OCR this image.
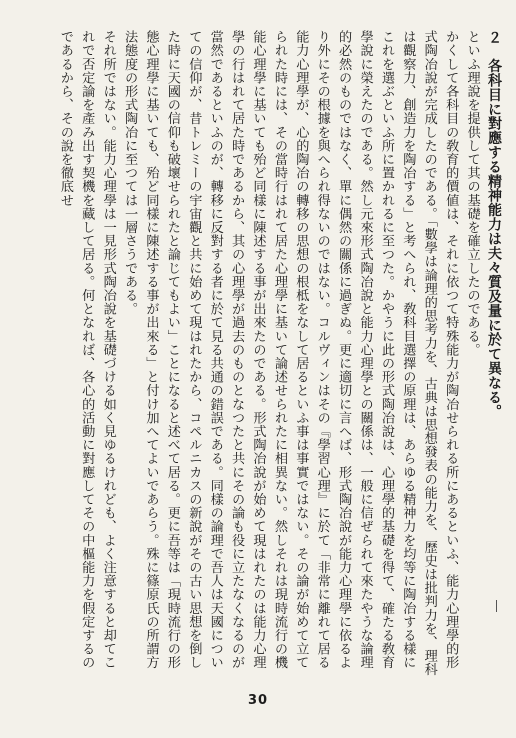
２　各科目に對應する精神能力は夫々質及量に於て異なる。

といふ理說を提供して其の基礎を確立したのである。

かくして各科目の敎育的價値は、それに依つて特殊能力が陶冶せられる所にあるといふ、能力心理學的形式陶冶說が完成したのである。「數學は論理的思考力を、古典は思想發表の能力を、歷史は批判力を、理科は觀察力、創造力を陶冶する」と考へられ、敎科目選擇の原理は、あらゆる精神力を均等に陶冶する樣にこれを選ぶといふ所に置かれるに至つた。かやうに此の形式陶冶說は、心理學的基礎を得て、確たる敎育學說に榮えたのである。然し元來形式陶冶說と能力心理學との關係は、一般に信ぜられて來たやうな論理的必然のものではなく、單に偶然の關係に過ぎぬ。更に適切に言へば、形式陶冶說が能力心理學に依るより外にその根據を與へられ得ないのではない。コルヴィンはその『學習心理』に於て「非常に離れて居る能力心理學が、心的陶冶の轉移の思想の根柢をなして居るといふ事は事實ではない。その論が始めて立てられた時には、その當時行はれて居た心理學に基いて論述せられたに相異ない。然しそれは現時流行の機能心理學に基いても殆ど同樣に陳述する事が出來たのである。形式陶冶說が始めて現はれたのは能力心理學の行はれて居た時であるから、其の心理學が過去のものとなつたと共にその論も役に立たなくなるのが當然であるといふのが、轉移に反對する者に於て見る共通の錯誤である。同樣の論理で吾人は天國についての信仰が、昔トレミーの宇宙觀と共に始めて現はれたから、コペルニカスの新說がその古い思想を倒した時に天國の信仰も破壞せられたと論じてもよい」ことになると述べて居る。更に吾等は「現時流行の形態心理學に基いても、殆ど同樣に陳述する事が出來る」と付け加へてよいであらう。殊に篠原氏の所謂方法態度の形式陶冶に至つては一層さうである。

それ所ではない。能力心理學は一見形式陶冶說を基礎づける如く見ゆるけれども、よく注意すると却てこれで否定論を產み出す契機を藏して居る。何となれば、各心的活動に對應してその中樞能力を假定するのであるから、その說を徹底せ

30
